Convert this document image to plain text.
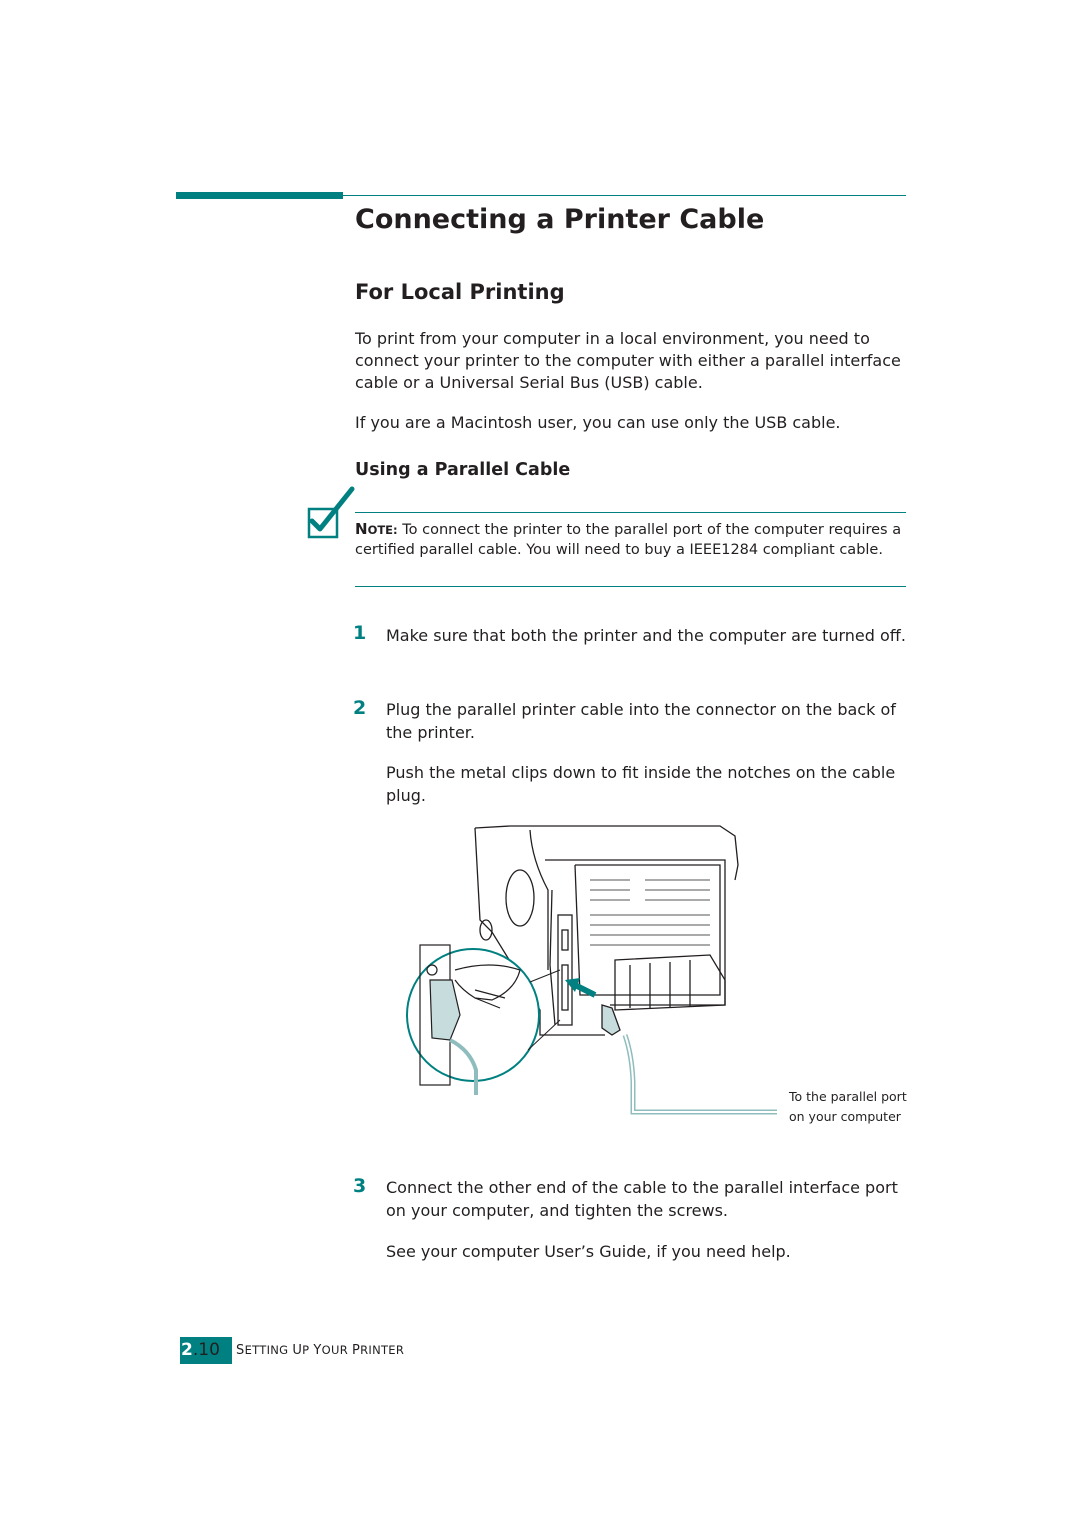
Connecting a Printer Cable
For Local Printing
To print from your computer in a local environment, you need to connect your printer to the computer with either a parallel interface cable or a Universal Serial Bus (USB) cable.
If you are a Macintosh user, you can use only the USB cable.
Using a Parallel Cable
NOTE: To connect the printer to the parallel port of the computer requires a certified parallel cable. You will need to buy a IEEE1284 compliant cable.
1 Make sure that both the printer and the computer are turned off.
2 Plug the parallel printer cable into the connector on the back of the printer.
Push the metal clips down to fit inside the notches on the cable plug.
To the parallel port on your computer
3 Connect the other end of the cable to the parallel interface port on your computer, and tighten the screws.
See your computer User’s Guide, if you need help.
2.10 SETTING UP YOUR PRINTER
